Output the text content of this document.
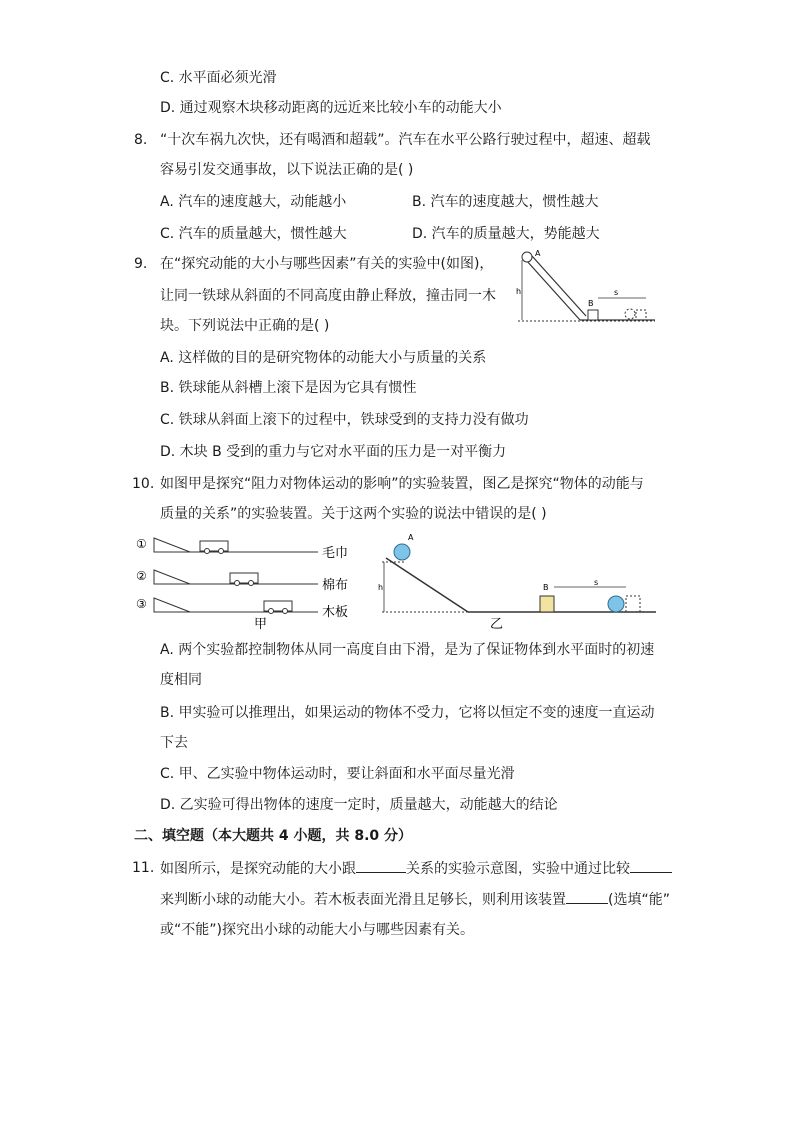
C. 水平面必须光滑
D. 通过观察木块移动距离的远近来比较小车的动能大小
8. “十次车祸九次快，还有喝酒和超载”。汽车在水平公路行驶过程中，超速、超载
容易引发交通事故，以下说法正确的是( )
A. 汽车的速度越大，动能越小	B. 汽车的速度越大，惯性越大
C. 汽车的质量越大，惯性越大	D. 汽车的质量越大，势能越大
9. 在“探究动能的大小与哪些因素”有关的实验中(如图)，
让同一铁球从斜面的不同高度由静止释放，撞击同一木
块。下列说法中正确的是( )
A
h
B
s
A. 这样做的目的是研究物体的动能大小与质量的关系
B. 铁球能从斜槽上滚下是因为它具有惯性
C. 铁球从斜面上滚下的过程中，铁球受到的支持力没有做功
D. 木块 B 受到的重力与它对水平面的压力是一对平衡力
10. 如图甲是探究“阻力对物体运动的影响”的实验装置，图乙是探究“物体的动能与
质量的关系”的实验装置。关于这两个实验的说法中错误的是( )
①
毛巾
②
棉布
③
木板
甲
h
A
B
s
乙
A. 两个实验都控制物体从同一高度自由下滑，是为了保证物体到水平面时的初速
度相同
B. 甲实验可以推理出，如果运动的物体不受力，它将以恒定不变的速度一直运动
下去
C. 甲、乙实验中物体运动时，要让斜面和水平面尽量光滑
D. 乙实验可得出物体的速度一定时，质量越大，动能越大的结论
二、填空题（本大题共 4 小题，共 8.0 分）
11. 如图所示，是探究动能的大小跟	关系的实验示意图，实验中通过比较
来判断小球的动能大小。若木板表面光滑且足够长，则利用该装置	(选填“能”
或“不能”)探究出小球的动能大小与哪些因素有关。
